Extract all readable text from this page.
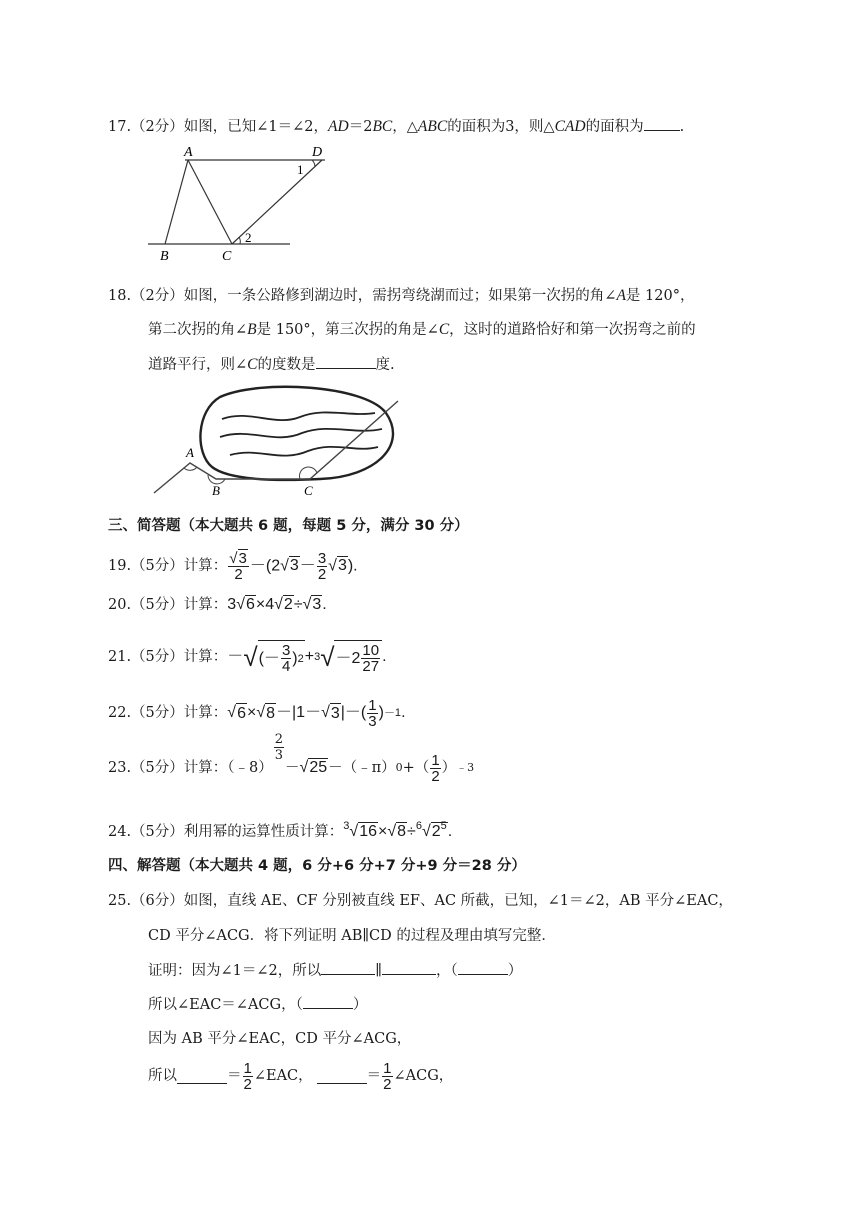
17.（2分）如图，已知∠1＝∠2，AD＝2BC，△ABC的面积为3，则△CAD的面积为 .
A	D
1
B	C
2
18.（2分）如图，一条公路修到湖边时，需拐弯绕湖而过；如果第一次拐的角∠A是 120°，
第二次拐的角∠B是 150°，第三次拐的角是∠C，这时的道路恰好和第一次拐弯之前的
道路平行，则∠C的度数是	度.
A
B	C
三、简答题（本大题共 6 题，每题 5 分，满分 30 分）
19.（5分）计算： $\frac{√3}{2} -(2√3- \frac{3}{2} √3)$.
20.（5分）计算：3√6×4√2÷√3.
21.（5分）计算： － √ (－ $\frac{3}{4}$ ) 2 + 3 √ $-2 \frac{10}{27}$ .
22.（5分）计算： √ 6 × √ 8 －|1－ √ 3 |－( $\frac{1}{3}$ ) －1 .
23.（5分）计算：（﹣8）
$\frac{2}{3}$
－ √25 －（﹣π） 0 +（ $\frac{1}{2}$ ） ﹣3
24.（5分）利用幂的运算性质计算：$^3√16\times√8\div^6√2^5$.
四、解答题（本大题共 4 题，6 分+6 分+7 分+9 分＝28 分）
25.（6分）如图，直线 AE、CF 分别被直线 EF、AC 所截，已知，∠1＝∠2，AB 平分∠EAC，
CD 平分∠ACG．将下列证明 AB∥CD 的过程及理由填写完整．
证明：因为∠1＝∠2，所以	∥	，（	）
所以∠EAC＝∠ACG，（	）
因为 AB 平分∠EAC，CD 平分∠ACG，
所以	＝ $\frac{1}{2}$ ∠EAC，	＝ $\frac{1}{2}$ ∠ACG，
